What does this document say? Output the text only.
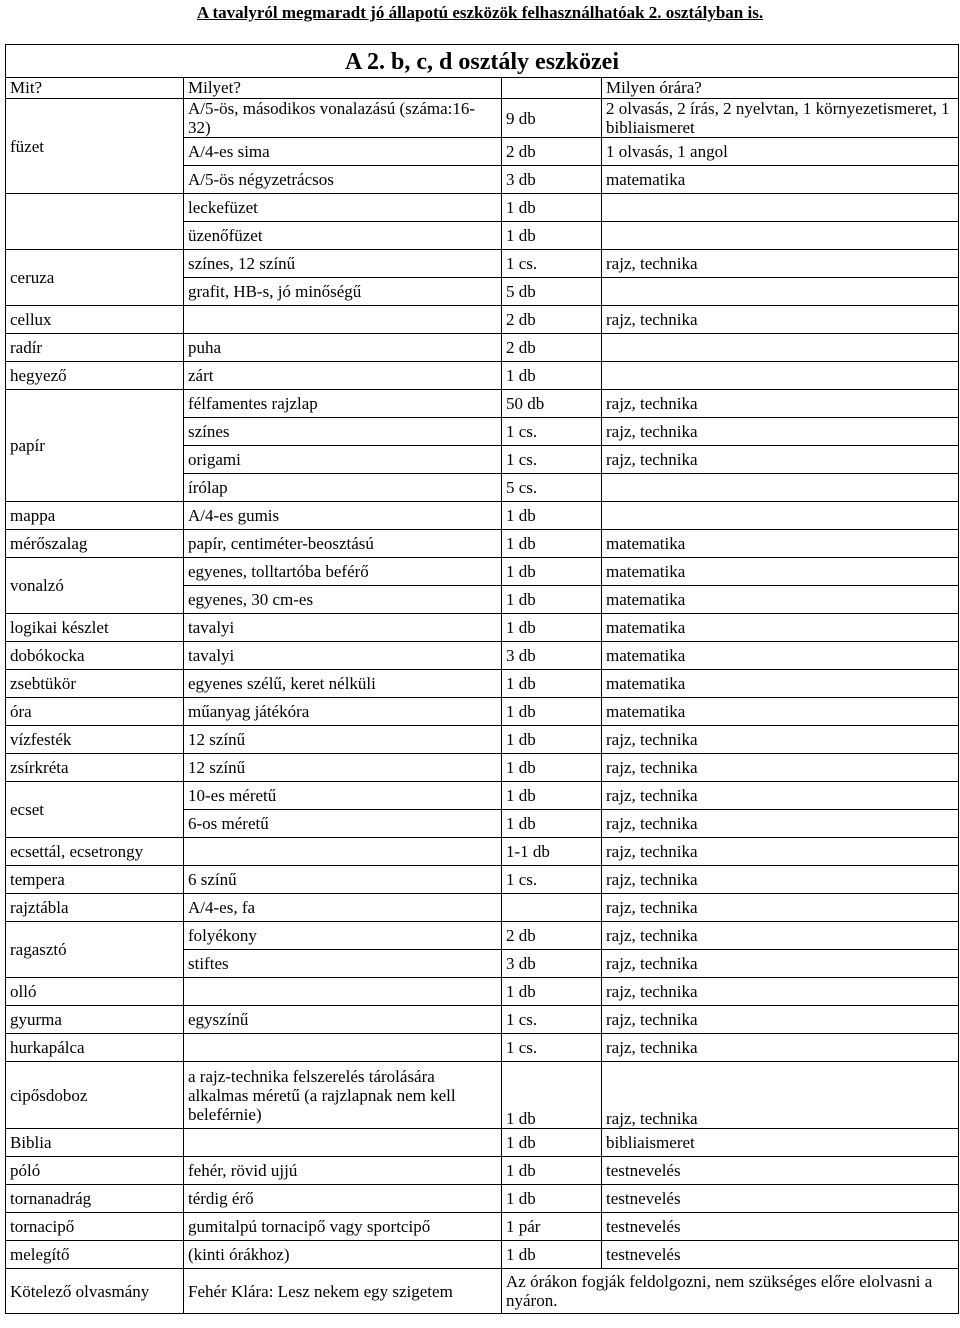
A tavalyról megmaradt jó állapotú eszközök felhasználhatóak 2. osztályban is.
A 2. b, c, d osztály eszközei			
Mit?	Milyet?		Milyen órára?
füzet	A/5-ös, másodikos vonalazású (száma:16-32)	9 db	2 olvasás, 2 írás, 2 nyelvtan, 1 környezetismeret, 1 bibliaismeret
	A/4-es sima	2 db	1 olvasás, 1 angol
	A/5-ös négyzetrácsos	3 db	matematika
	leckefüzet	1 db	
	üzenőfüzet	1 db	
ceruza	színes, 12 színű	1 cs.	rajz, technika
	grafit, HB-s, jó minőségű	5 db	
cellux		2 db	rajz, technika
radír	puha	2 db	
hegyező	zárt	1 db	
papír	félfamentes rajzlap	50 db	rajz, technika
	színes	1 cs.	rajz, technika
	origami	1 cs.	rajz, technika
	írólap	5 cs.	
mappa	A/4-es gumis	1 db	
mérőszalag	papír, centiméter-beosztású	1 db	matematika
vonalzó	egyenes, tolltartóba beférő	1 db	matematika
	egyenes, 30 cm-es	1 db	matematika
logikai készlet	tavalyi	1 db	matematika
dobókocka	tavalyi	3 db	matematika
zsebtükör	egyenes szélű, keret nélküli	1 db	matematika
óra	műanyag játékóra	1 db	matematika
vízfesték	12 színű	1 db	rajz, technika
zsírkréta	12 színű	1 db	rajz, technika
ecset	10-es méretű	1 db	rajz, technika
	6-os méretű	1 db	rajz, technika
ecsettál, ecsetrongy		1-1 db	rajz, technika
tempera	6 színű	1 cs.	rajz, technika
rajztábla	A/4-es, fa		rajz, technika
ragasztó	folyékony	2 db	rajz, technika
	stiftes	3 db	rajz, technika
olló		1 db	rajz, technika
gyurma	egyszínű	1 cs.	rajz, technika
hurkapálca		1 cs.	rajz, technika
cipősdoboz	a rajz-technika felszerelés tárolására alkalmas méretű (a rajzlapnak nem kell beleférnie)	1 db	rajz, technika
Biblia		1 db	bibliaismeret
póló	fehér, rövid ujjú	1 db	testnevelés
tornanadrág	térdig érő	1 db	testnevelés
tornacipő	gumitalpú tornacipő vagy sportcipő	1 pár	testnevelés
melegítő	(kinti órákhoz)	1 db	testnevelés
Kötelező olvasmány	Fehér Klára: Lesz nekem egy szigetem	Az órákon fogják feldolgozni, nem szükséges előre elolvasni a nyáron.	
